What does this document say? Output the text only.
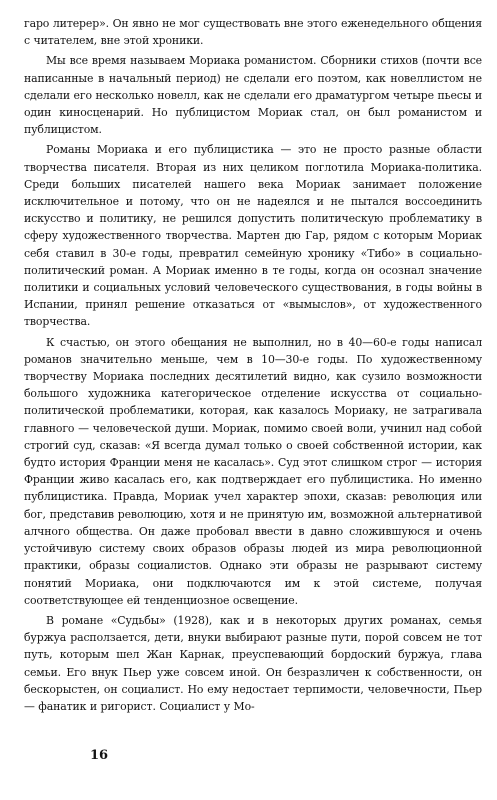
гаро литерер». Он явно не мог существовать вне этого еженедельного общения с читателем, вне этой хроники.

Мы все время называем Мориака романистом. Сборники стихов (почти все написанные в начальный период) не сделали его поэтом, как новеллистом не сделали его несколько новелл, как не сделали его драматургом четыре пьесы и один киносценарий. Но публицистом Мориак стал, он был романистом и публицистом.

Романы Мориака и его публицистика — это не просто разные области творчества писателя. Вторая из них целиком поглотила Мориака-политика. Среди больших писателей нашего века Мориак занимает положение исключительное и потому, что он не надеялся и не пытался воссоединить искусство и политику, не решился допустить политическую проблематику в сферу художественного творчества. Мартен дю Гар, рядом с которым Мориак себя ставил в 30-е годы, превратил семейную хронику «Тибо» в социально-политический роман. А Мориак именно в те годы, когда он осознал значение политики и социальных условий человеческого существования, в годы войны в Испании, принял решение отказаться от «вымыслов», от художественного творчества.

К счастью, он этого обещания не выполнил, но в 40—60-е годы написал романов значительно меньше, чем в 10—30-е годы. По художественному творчеству Мориака последних десятилетий видно, как сузило возможности большого художника категорическое отделение искусства от социально-политической проблематики, которая, как казалось Мориаку, не затрагивала главного — человеческой души. Мориак, помимо своей воли, учинил над собой строгий суд, сказав: «Я всегда думал только о своей собственной истории, как будто история Франции меня не касалась». Суд этот слишком строг — история Франции живо касалась его, как подтверждает его публицистика. Но именно публицистика. Правда, Мориак учел характер эпохи, сказав: революция или бог, представив революцию, хотя и не принятую им, возможной альтернативой алчного общества. Он даже пробовал ввести в давно сложившуюся и очень устойчивую систему своих образов образы людей из мира революционной практики, образы социалистов. Однако эти образы не разрывают систему понятий Мориака, они подключаются им к этой системе, получая соответствующее ей тенденциозное освещение.

В романе «Судьбы» (1928), как и в некоторых других романах, семья буржуа расползается, дети, внуки выбирают разные пути, порой совсем не тот путь, которым шел Жан Карнак, преуспевающий бордоский буржуа, глава семьи. Его внук Пьер уже совсем иной. Он безразличен к собственности, он бескорыстен, он социалист. Но ему недостает терпимости, человечности, Пьер — фанатик и ригорист. Социалист у Мо-

16
